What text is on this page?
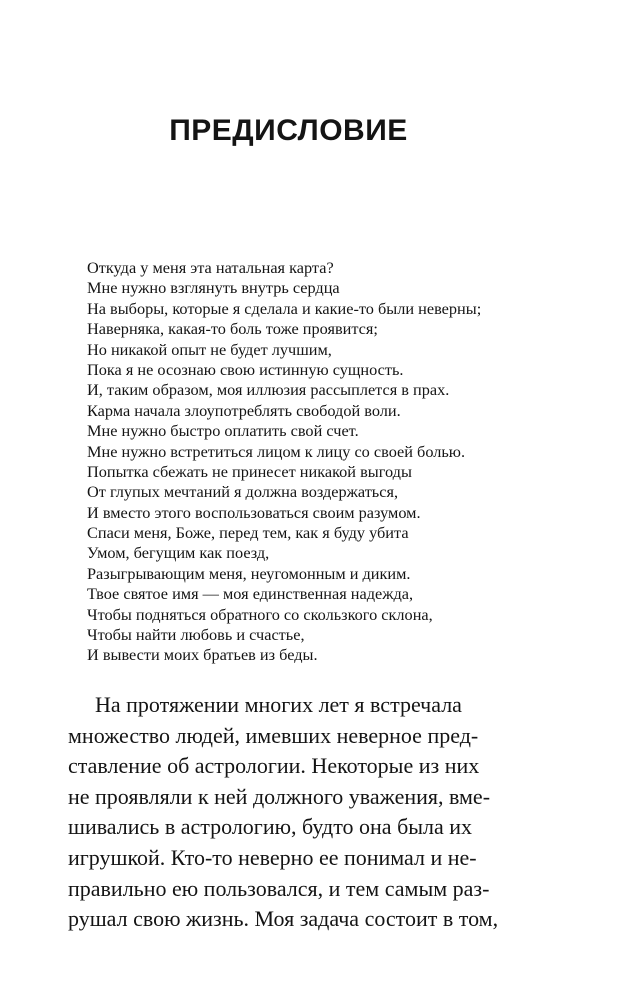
ПРЕДИСЛОВИЕ
Откуда у меня эта натальная карта?
Мне нужно взглянуть внутрь сердца
На выборы, которые я сделала и какие-то были неверны;
Наверняка, какая-то боль тоже проявится;
Но никакой опыт не будет лучшим,
Пока я не осознаю свою истинную сущность.
И, таким образом, моя иллюзия рассыплется в прах.
Карма начала злоупотреблять свободой воли.
Мне нужно быстро оплатить свой счет.
Мне нужно встретиться лицом к лицу со своей болью.
Попытка сбежать не принесет никакой выгоды
От глупых мечтаний я должна воздержаться,
И вместо этого воспользоваться своим разумом.
Спаси меня, Боже, перед тем, как я буду убита
Умом, бегущим как поезд,
Разыгрывающим меня, неугомонным и диким.
Твое святое имя — моя единственная надежда,
Чтобы подняться обратного со скользкого склона,
Чтобы найти любовь и счастье,
И вывести моих братьев из беды.
На протяжении многих лет я встречала
множество людей, имевших неверное пред-
ставление об астрологии. Некоторые из них
не проявляли к ней должного уважения, вме-
шивались в астрологию, будто она была их
игрушкой. Кто-то неверно ее понимал и не-
правильно ею пользовался, и тем самым раз-
рушал свою жизнь. Моя задача состоит в том,
